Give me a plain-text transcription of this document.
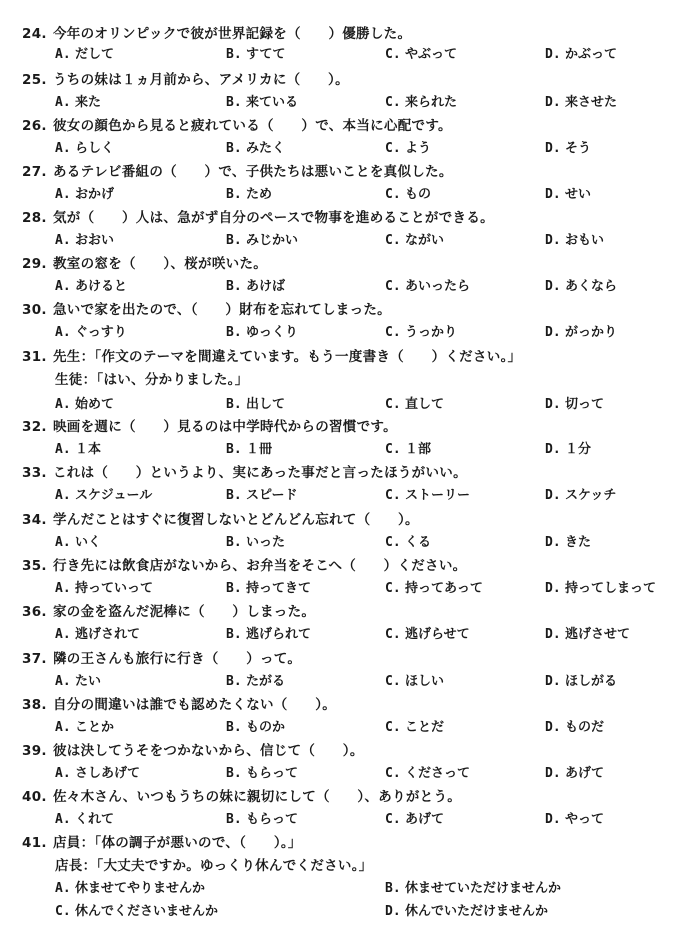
24. 今年のオリンピックで彼が世界記録を（　　）優勝した。
A. だして	B. すてて	C. やぶって	D. かぶって
25. うちの妹は１ヵ月前から、アメリカに（　　）。
A. 来た	B. 来ている	C. 来られた	D. 来させた
26. 彼女の顔色から見ると疲れている（　　）で、本当に心配です。
A. らしく	B. みたく	C. よう	D. そう
27. あるテレビ番組の（　　）で、子供たちは悪いことを真似した。
A. おかげ	B. ため	C. もの	D. せい
28. 気が（　　）人は、急がず自分のペースで物事を進めることができる。
A. おおい	B. みじかい	C. ながい	D. おもい
29. 教室の窓を（　　）、桜が咲いた。
A. あけると	B. あけば	C. あいったら	D. あくなら
30. 急いで家を出たので、（　　）財布を忘れてしまった。
A. ぐっすり	B. ゆっくり	C. うっかり	D. がっかり
31. 先生：「作文のテーマを間違えています。もう一度書き（　　）ください。」
生徒：「はい、分かりました。」
A. 始めて	B. 出して	C. 直して	D. 切って
32. 映画を週に（　　）見るのは中学時代からの習慣です。
A. １本	B. １冊	C. １部	D. １分
33. これは（　　）というより、実にあった事だと言ったほうがいい。
A. スケジュール	B. スピード	C. ストーリー	D. スケッチ
34. 学んだことはすぐに復習しないとどんどん忘れて（　　）。
A. いく	B. いった	C. くる	D. きた
35. 行き先には飲食店がないから、お弁当をそこへ（　　）ください。
A. 持っていって	B. 持ってきて	C. 持ってあって	D. 持ってしまって
36. 家の金を盗んだ泥棒に（　　）しまった。
A. 逃げされて	B. 逃げられて	C. 逃げらせて	D. 逃げさせて
37. 隣の王さんも旅行に行き（　　）って。
A. たい	B. たがる	C. ほしい	D. ほしがる
38. 自分の間違いは誰でも認めたくない（　　）。
A. ことか	B. ものか	C. ことだ	D. ものだ
39. 彼は決してうそをつかないから、信じて（　　）。
A. さしあげて	B. もらって	C. くださって	D. あげて
40. 佐々木さん、いつもうちの妹に親切にして（　　）、ありがとう。
A. くれて	B. もらって	C. あげて	D. やって
41. 店員：「体の調子が悪いので、（　　）。」
店長：「大丈夫ですか。ゆっくり休んでください。」
A. 休ませてやりませんか	B. 休ませていただけませんか
C. 休んでくださいませんか	D. 休んでいただけませんか
